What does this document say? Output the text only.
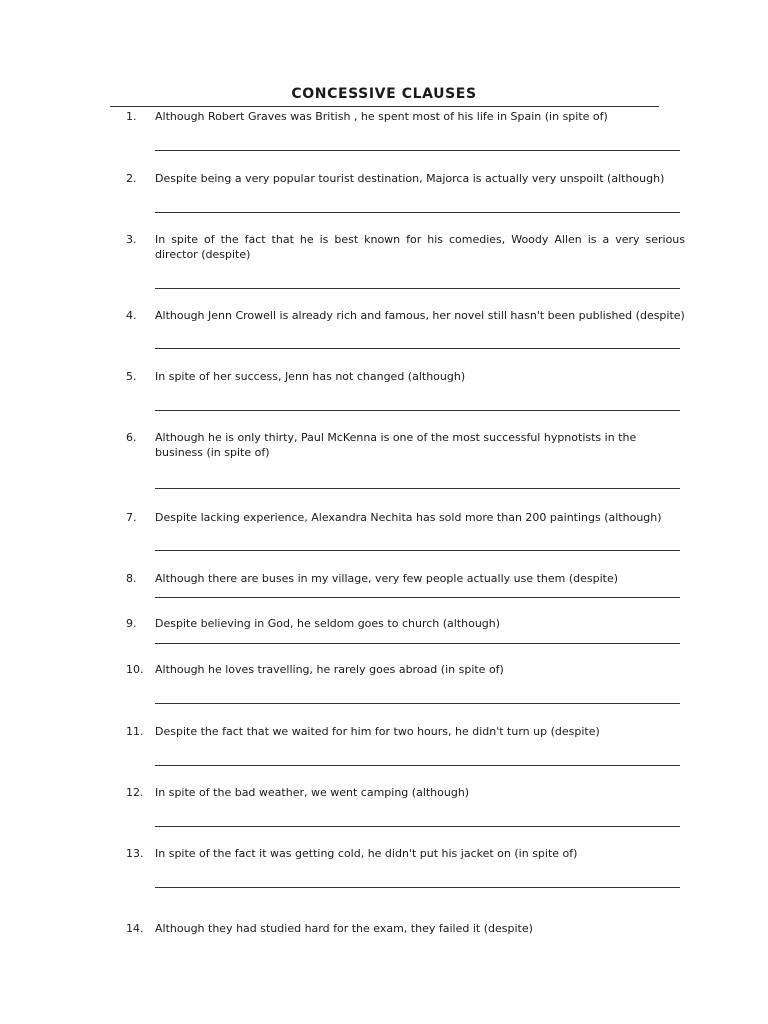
CONCESSIVE CLAUSES
1. Although Robert Graves was British , he spent most of his life in Spain (in spite of)
2. Despite being a very popular tourist destination, Majorca is actually very unspoilt (although)
3. In spite of the fact that he is best known for his comedies, Woody Allen is a very serious director (despite)
4. Although Jenn Crowell is already rich and famous, her novel still hasn't been published (despite)
5. In spite of her success, Jenn has not changed (although)
6. Although he is only thirty, Paul McKenna is one of the most successful hypnotists in the business (in spite of)
7. Despite lacking experience, Alexandra Nechita has sold more than 200 paintings (although)
8. Although there are buses in my village, very few people actually use them (despite)
9. Despite believing in God, he seldom goes to church (although)
10. Although he loves travelling, he rarely goes abroad (in spite of)
11. Despite the fact that we waited for him for two hours, he didn't turn up (despite)
12. In spite of the bad weather, we went camping (although)
13. In spite of the fact it was getting cold, he didn't put his jacket on (in spite of)
14. Although they had studied hard for the exam, they failed it (despite)
